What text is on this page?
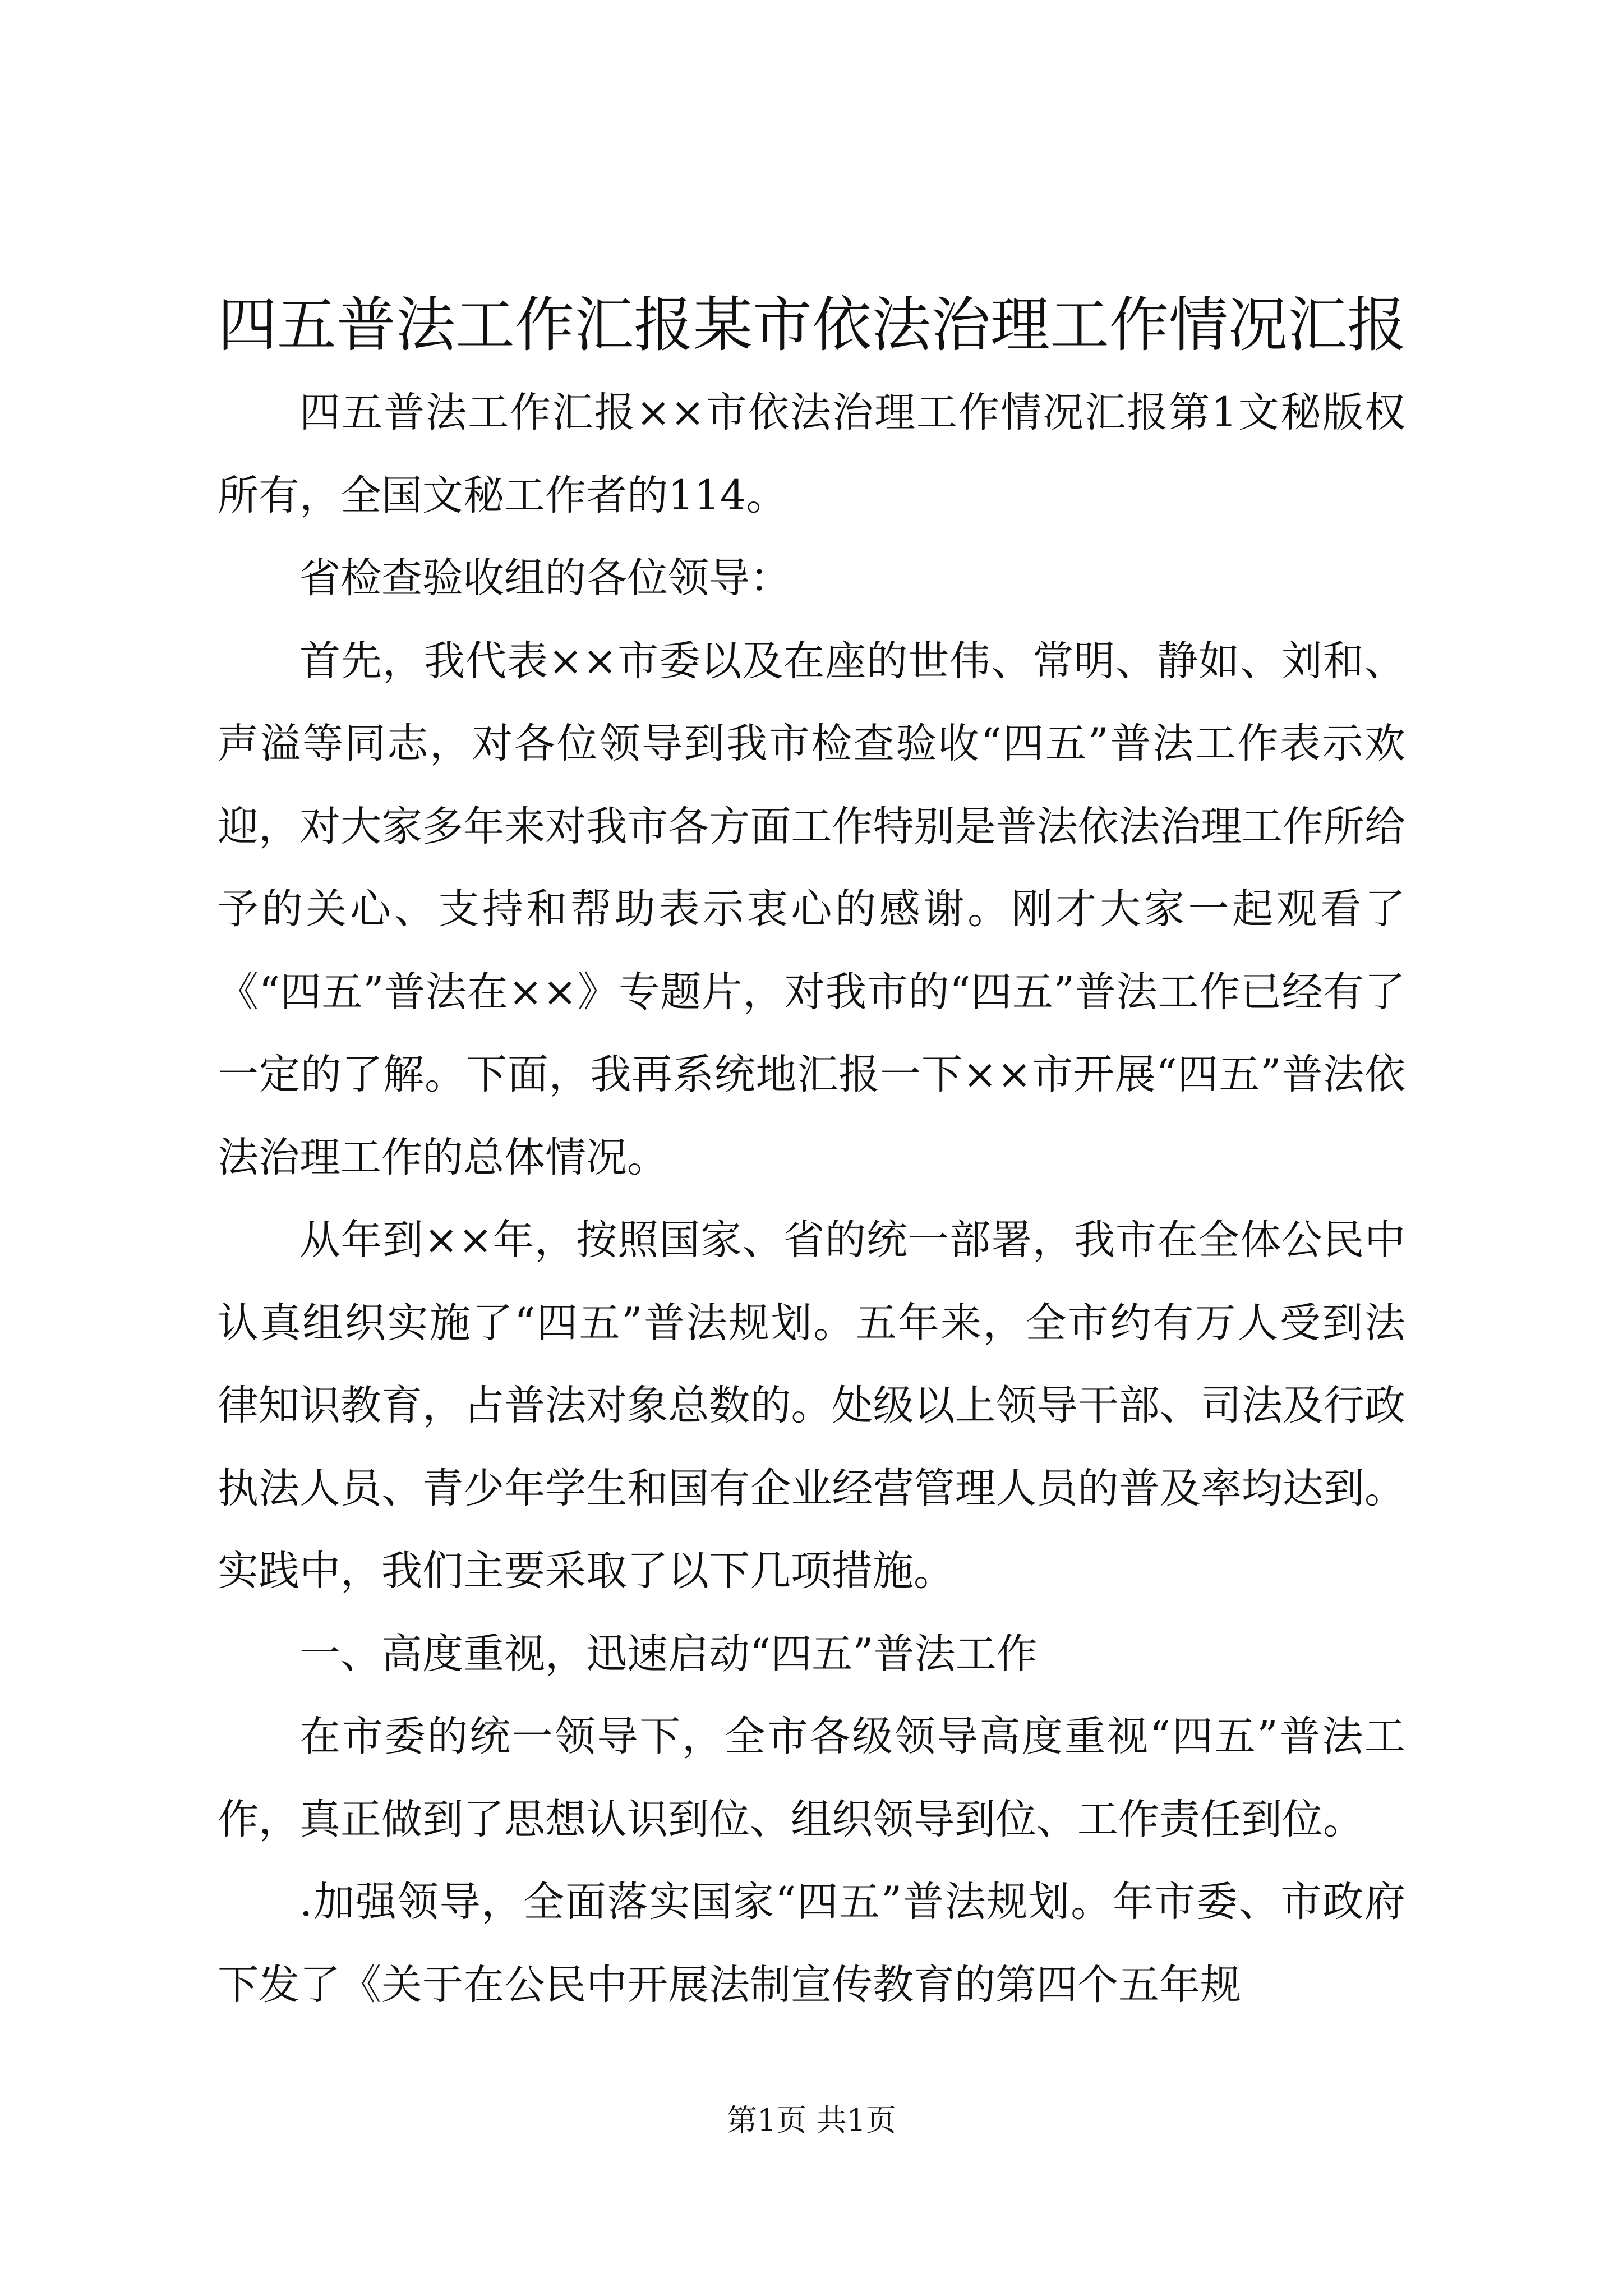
四五普法工作汇报某市依法治理工作情况汇报

四五普法工作汇报××市依法治理工作情况汇报第1文秘版权所有，全国文秘工作者的114。

省检查验收组的各位领导：

首先，我代表××市委以及在座的世伟、常明、静如、刘和、声溢等同志，对各位领导到我市检查验收“四五”普法工作表示欢迎，对大家多年来对我市各方面工作特别是普法依法治理工作所给予的关心、支持和帮助表示衷心的感谢。刚才大家一起观看了《“四五”普法在××》专题片，对我市的“四五”普法工作已经有了一定的了解。下面，我再系统地汇报一下××市开展“四五”普法依法治理工作的总体情况。

从年到××年，按照国家、省的统一部署，我市在全体公民中认真组织实施了“四五”普法规划。五年来，全市约有万人受到法律知识教育，占普法对象总数的。处级以上领导干部、司法及行政执法人员、青少年学生和国有企业经营管理人员的普及率均达到。实践中，我们主要采取了以下几项措施。

一、高度重视，迅速启动“四五”普法工作

在市委的统一领导下，全市各级领导高度重视“四五”普法工作，真正做到了思想认识到位、组织领导到位、工作责任到位。

.加强领导，全面落实国家“四五”普法规划。年市委、市政府下发了《关于在公民中开展法制宣传教育的第四个五年规

第1页 共1页
